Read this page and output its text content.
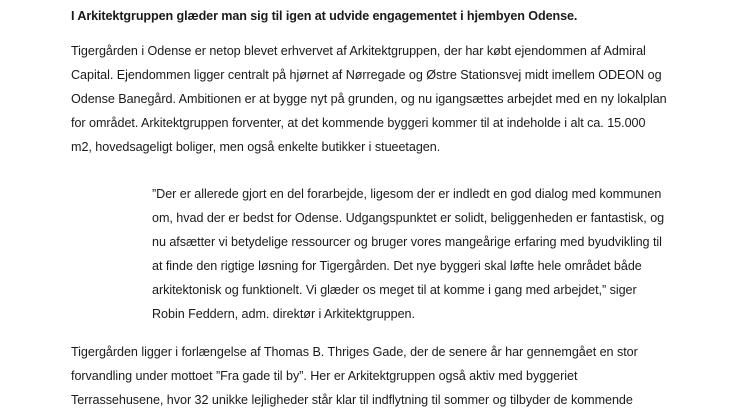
I Arkitektgruppen glæder man sig til igen at udvide engagementet i hjembyen Odense.
Tigergården i Odense er netop blevet erhvervet af Arkitektgruppen, der har købt ejendommen af Admiral
Capital. Ejendommen ligger centralt på hjørnet af Nørregade og Østre Stationsvej midt imellem ODEON og
Odense Banegård. Ambitionen er at bygge nyt på grunden, og nu igangsættes arbejdet med en ny lokalplan
for området. Arkitektgruppen forventer, at det kommende byggeri kommer til at indeholde i alt ca. 15.000
m2, hovedsageligt boliger, men også enkelte butikker i stueetagen.
”Der er allerede gjort en del forarbejde, ligesom der er indledt en god dialog med kommunen
om, hvad der er bedst for Odense. Udgangspunktet er solidt, beliggenheden er fantastisk, og
nu afsætter vi betydelige ressourcer og bruger vores mangeårige erfaring med byudvikling til
at finde den rigtige løsning for Tigergården. Det nye byggeri skal løfte hele området både
arkitektonisk og funktionelt. Vi glæder os meget til at komme i gang med arbejdet,” siger
Robin Feddern, adm. direktør i Arkitektgruppen.
Tigergården ligger i forlængelse af Thomas B. Thriges Gade, der de senere år har gennemgået en stor
forvandling under mottoet ”Fra gade til by”. Her er Arkitektgruppen også aktiv med byggeriet
Terrassehusene, hvor 32 unikke lejligheder står klar til indflytning til sommer og tilbyder de kommende
